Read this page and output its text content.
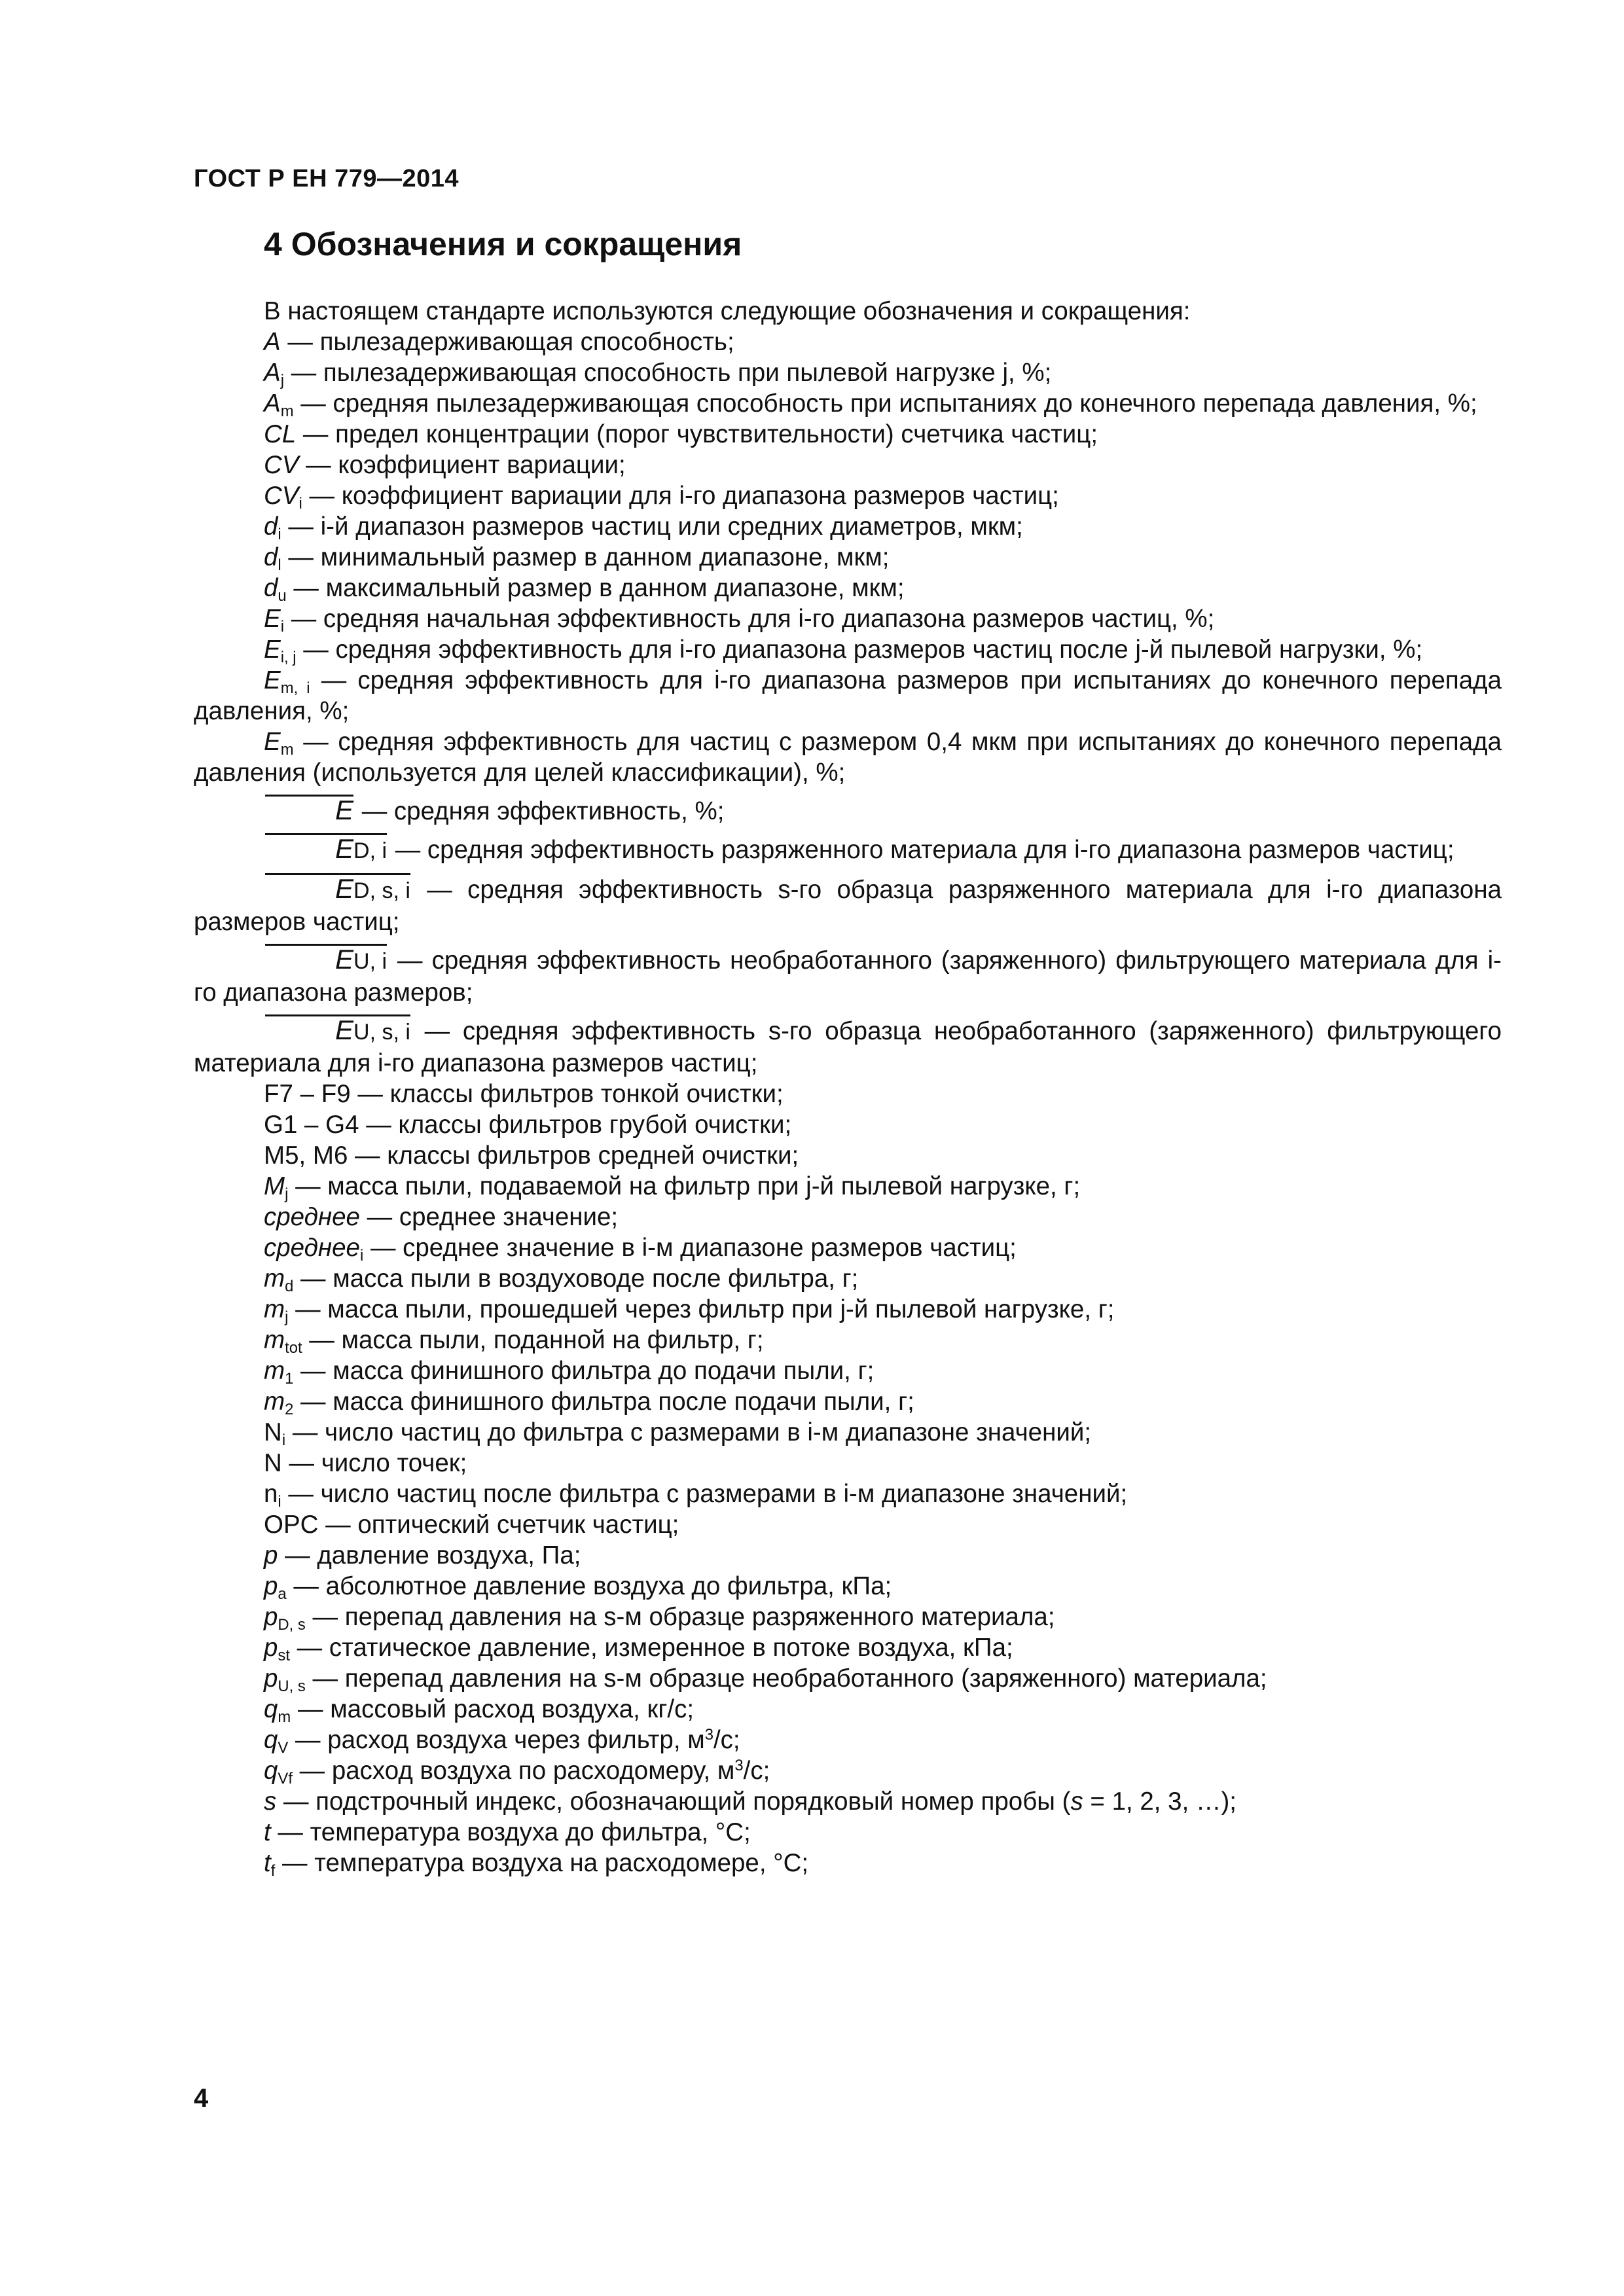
ГОСТ Р ЕН 779—2014
4 Обозначения и сокращения

В настоящем стандарте используются следующие обозначения и сокращения:

A — пылезадерживающая способность;

$A_j$ — пылезадерживающая способность при пылевой нагрузке j, %;

$A_m$ — средняя пылезадерживающая способность при испытаниях до конечного перепада давления, %;

CL — предел концентрации (порог чувствительности) счетчика частиц;

CV — коэффициент вариации;

$CV_i$ — коэффициент вариации для i-го диапазона размеров частиц;

$d_i$ — i-й диапазон размеров частиц или средних диаметров, мкм;

$d_l$ — минимальный размер в данном диапазоне, мкм;

$d_u$ — максимальный размер в данном диапазоне, мкм;

$E_i$ — средняя начальная эффективность для i-го диапазона размеров частиц, %;

$E_{i, j}$ — средняя эффективность для i-го диапазона размеров частиц после j-й пылевой нагрузки, %;

$E_{m, i}$ — средняя эффективность для i-го диапазона размеров при испытаниях до конечного перепада давления, %;

$E_m$ — средняя эффективность для частиц с размером 0,4 мкм при испытаниях до конечного перепада давления (используется для целей классификации), %;

E — средняя эффективность, %;

ED, i — средняя эффективность разряженного материала для i-го диапазона размеров частиц;

ED, s, i — средняя эффективность s-го образца разряженного материала для i-го диапазона размеров частиц;

EU, i — средняя эффективность необработанного (заряженного) фильтрующего материала для i-го диапазона размеров;

EU, s, i — средняя эффективность s-го образца необработанного (заряженного) фильтрующего материала для i-го диапазона размеров частиц;

F7 – F9 — классы фильтров тонкой очистки;

G1 – G4 — классы фильтров грубой очистки;

M5, M6 — классы фильтров средней очистки;

$M_j$ — масса пыли, подаваемой на фильтр при j-й пылевой нагрузке, г;

среднее — среднее значение;

среднее$_i$ — среднее значение в i-м диапазоне размеров частиц;

$m_d$ — масса пыли в воздуховоде после фильтра, г;

$m_j$ — масса пыли, прошедшей через фильтр при j-й пылевой нагрузке, г;

$m_{tot}$ — масса пыли, поданной на фильтр, г;

$m_1$ — масса финишного фильтра до подачи пыли, г;

$m_2$ — масса финишного фильтра после подачи пыли, г;

$N_i$ — число частиц до фильтра с размерами в i-м диапазоне значений;

N — число точек;

$n_i$ — число частиц после фильтра с размерами в i-м диапазоне значений;

OPC — оптический счетчик частиц;

p — давление воздуха, Па;

$p_a$ — абсолютное давление воздуха до фильтра, кПа;

$p_{D, s}$ — перепад давления на s-м образце разряженного материала;

$p_{st}$ — статическое давление, измеренное в потоке воздуха, кПа;

$p_{U, s}$ — перепад давления на s-м образце необработанного (заряженного) материала;

$q_m$ — массовый расход воздуха, кг/с;

$q_V$ — расход воздуха через фильтр, $м^3/с$;

$q_{Vf}$ — расход воздуха по расходомеру, $м^3/с$;

s — подстрочный индекс, обозначающий порядковый номер пробы (s = 1, 2, 3, …);

t — температура воздуха до фильтра, °C;

$t_f$ — температура воздуха на расходомере, °C;

4
